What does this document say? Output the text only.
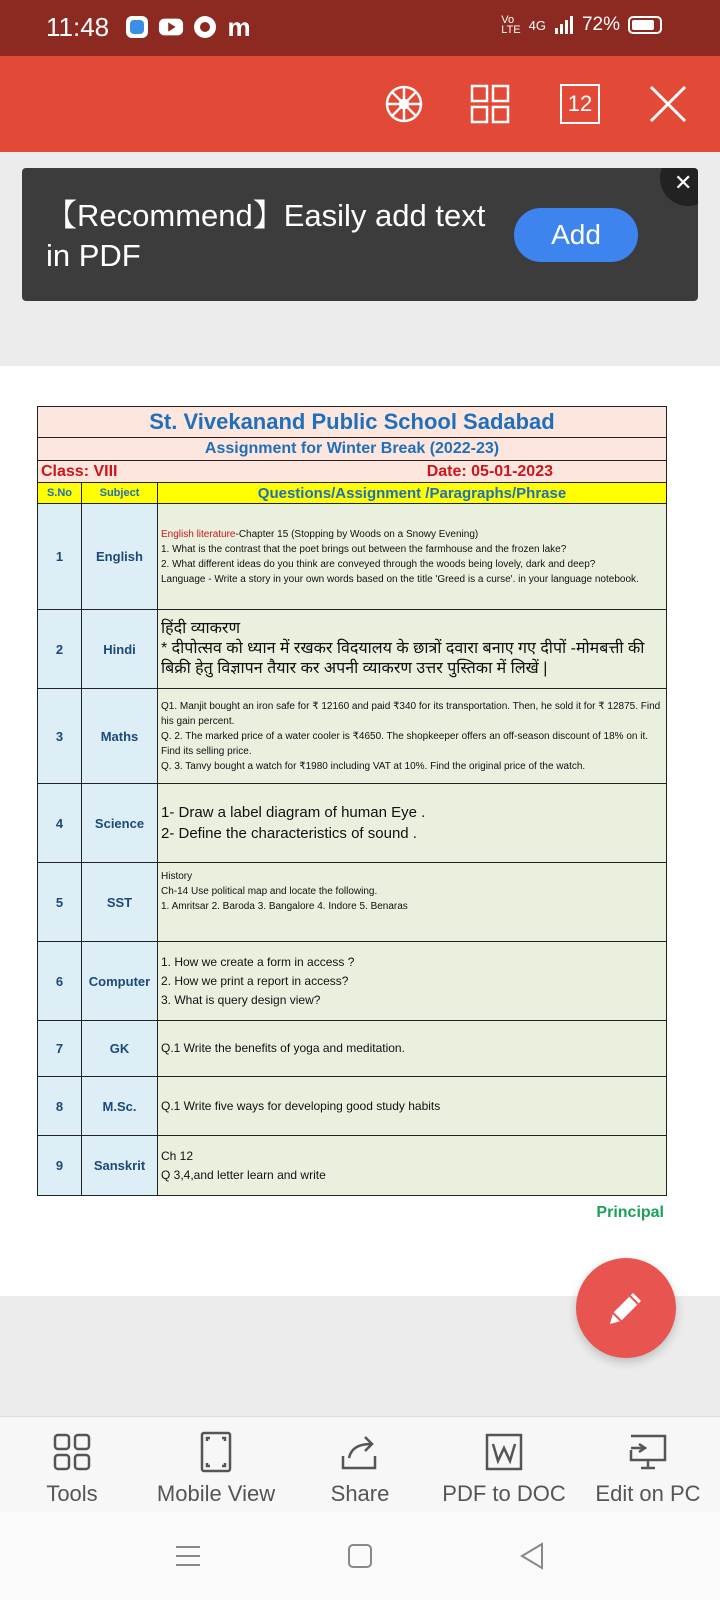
11:48	m	Vo
LTE 4G 72%
12
【Recommend】Easily add text in PDF
Add
✕
St. Vivekanand Public School Sadabad		
Assignment for Winter Break (2022-23)		
Class: VIII Date: 05-01-2023		

S.No	Subject	Questions/Assignment /Paragraphs/Phrase
1	English	English literature-Chapter 15 (Stopping by Woods on a Snowy Evening)
1. What is the contrast that the poet brings out between the farmhouse and the frozen lake?
2. What different ideas do you think are conveyed through the woods being lovely, dark and deep?
Language - Write a story in your own words based on the title 'Greed is a curse'. in your language notebook.

2	Hindi	हिंदी व्याकरण
* दीपोत्सव को ध्यान में रखकर विदयालय के छात्रों दवारा बनाए गए दीपों -मोमबत्ती की बिक्री हेतु विज्ञापन तैयार कर अपनी व्याकरण उत्तर पुस्तिका में लिखें |

3	Maths	Q1. Manjit bought an iron safe for ₹ 12160 and paid ₹340 for its transportation. Then, he sold it for ₹ 12875. Find his gain percent.
Q. 2. The marked price of a water cooler is ₹4650. The shopkeeper offers an off-season discount of 18% on it. Find its selling price.
Q. 3. Tanvy bought a watch for ₹1980 including VAT at 10%. Find the original price of the watch.

4	Science	1- Draw a label diagram of human Eye .
2- Define the characteristics of sound .

5	SST	History
Ch-14 Use political map and locate the following.
1. Amritsar 2. Baroda 3. Bangalore 4. Indore 5. Benaras

6	Computer	1. How we create a form in access ?
2. How we print a report in access?
3. What is query design view?

7	GK	Q.1 Write the benefits of yoga and meditation.

8	M.Sc.	Q.1 Write five ways for developing good study habits

9	Sanskrit	Ch 12
Q 3,4,and letter learn and write
Principal
Tools	Mobile View	Share	PDF to DOC	Edit on PC
